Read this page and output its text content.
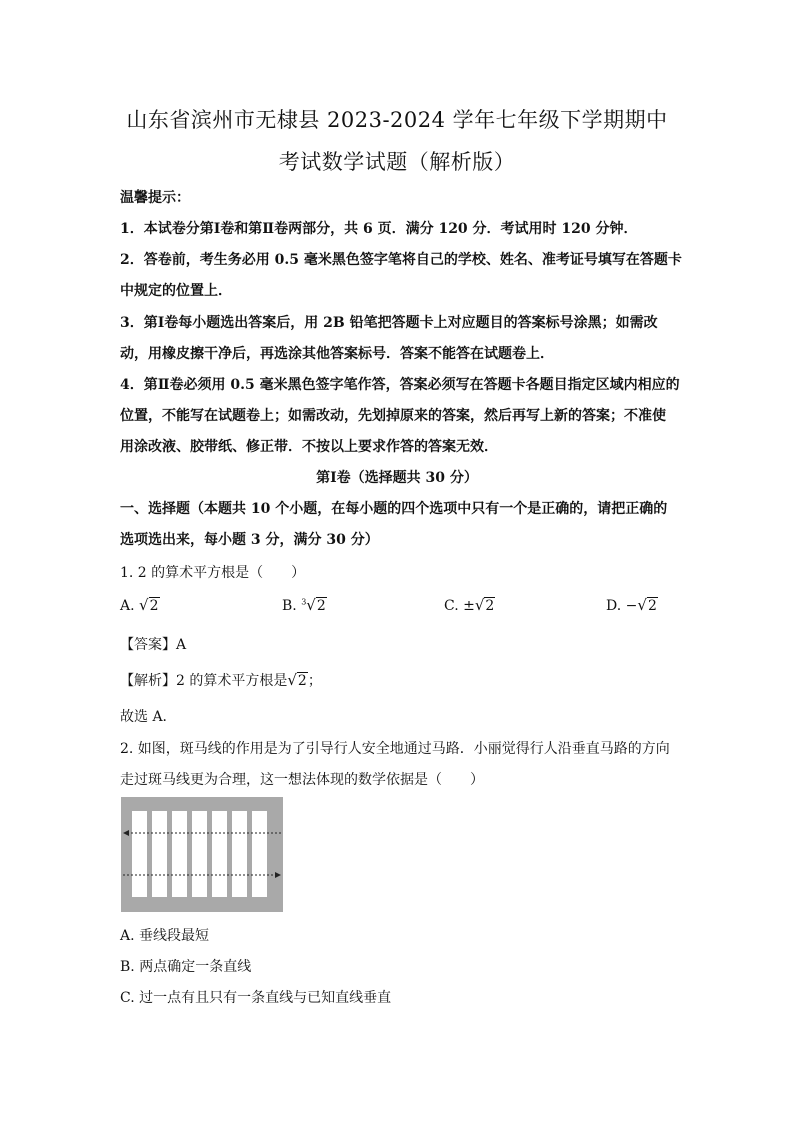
山东省滨州市无棣县 2023-2024 学年七年级下学期期中
考试数学试题（解析版）
温馨提示：
1．本试卷分第Ⅰ卷和第Ⅱ卷两部分，共 6 页．满分 120 分．考试用时 120 分钟．
2．答卷前，考生务必用 0.5 毫米黑色签字笔将自己的学校、姓名、准考证号填写在答题卡
中规定的位置上．
3．第Ⅰ卷每小题选出答案后，用 2B 铅笔把答题卡上对应题目的答案标号涂黑；如需改
动，用橡皮擦干净后，再选涂其他答案标号．答案不能答在试题卷上．
4．第Ⅱ卷必须用 0.5 毫米黑色签字笔作答，答案必须写在答题卡各题目指定区域内相应的
位置，不能写在试题卷上；如需改动，先划掉原来的答案，然后再写上新的答案；不准使
用涂改液、胶带纸、修正带．不按以上要求作答的答案无效．
第Ⅰ卷（选择题共 30 分）
一、选择题（本题共 10 个小题，在每小题的四个选项中只有一个是正确的，请把正确的
选项选出来，每小题 3 分，满分 30 分）
1. 2 的算术平方根是（　　）
A. √2	B. $^3$√2	C. ±√2	D. −√2
【答案】A
【解析】2 的算术平方根是√2；
故选 A．
2. 如图，斑马线的作用是为了引导行人安全地通过马路．小丽觉得行人沿垂直马路的方向
走过斑马线更为合理，这一想法体现的数学依据是（　　）
A. 垂线段最短
B. 两点确定一条直线
C. 过一点有且只有一条直线与已知直线垂直
